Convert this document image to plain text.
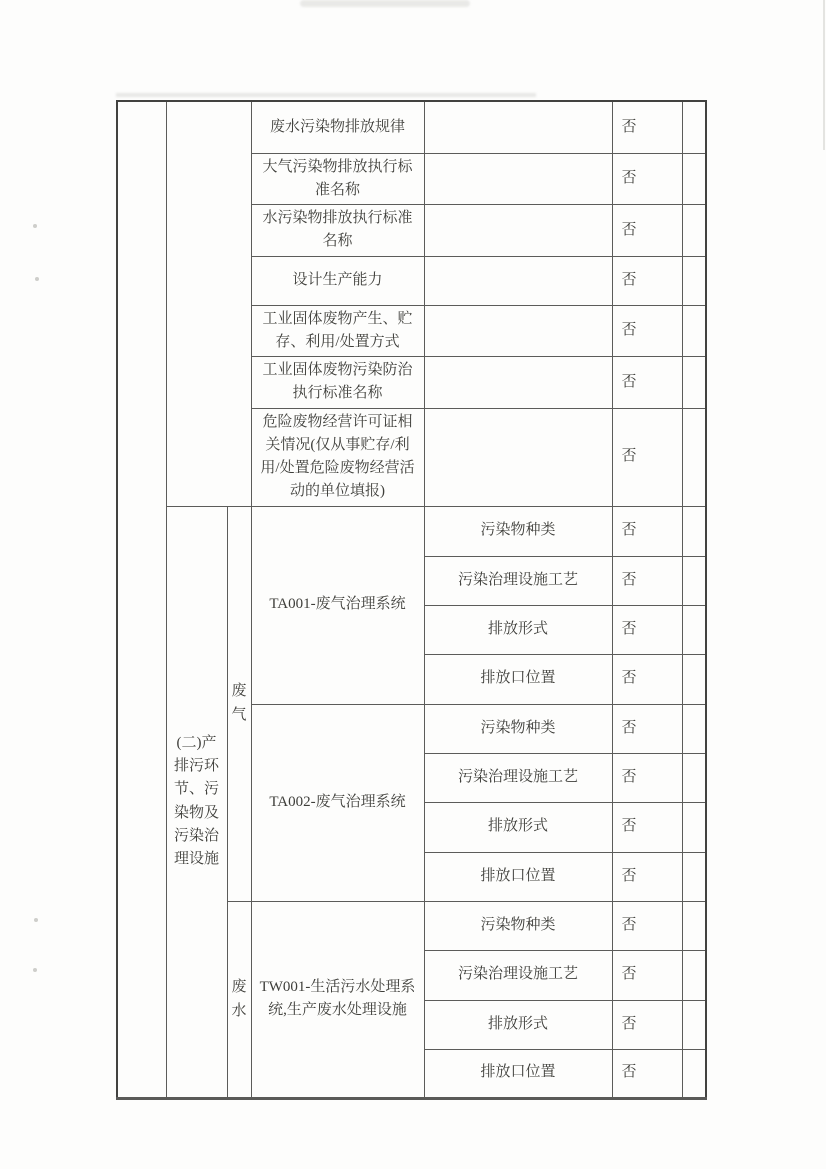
			废水污染物排放规律		否	
			大气污染物排放执行标准名称		否	
			水污染物排放执行标准名称		否	
			设计生产能力		否	
			工业固体废物产生、贮存、利用/处置方式		否	
			工业固体废物污染防治执行标准名称		否	
			危险废物经营许可证相关情况(仅从事贮存/利用/处置危险废物经营活动的单位填报)		否	
	(二)产排污环节、污染物及污染治理设施	废气	TA001-废气治理系统	污染物种类	否	
				污染治理设施工艺	否	
				排放形式	否	
				排放口位置	否	
			TA002-废气治理系统	污染物种类	否	
				污染治理设施工艺	否	
				排放形式	否	
				排放口位置	否	
		废水	TW001-生活污水处理系统,生产废水处理设施	污染物种类	否	
				污染治理设施工艺	否	
				排放形式	否	
				排放口位置	否	
